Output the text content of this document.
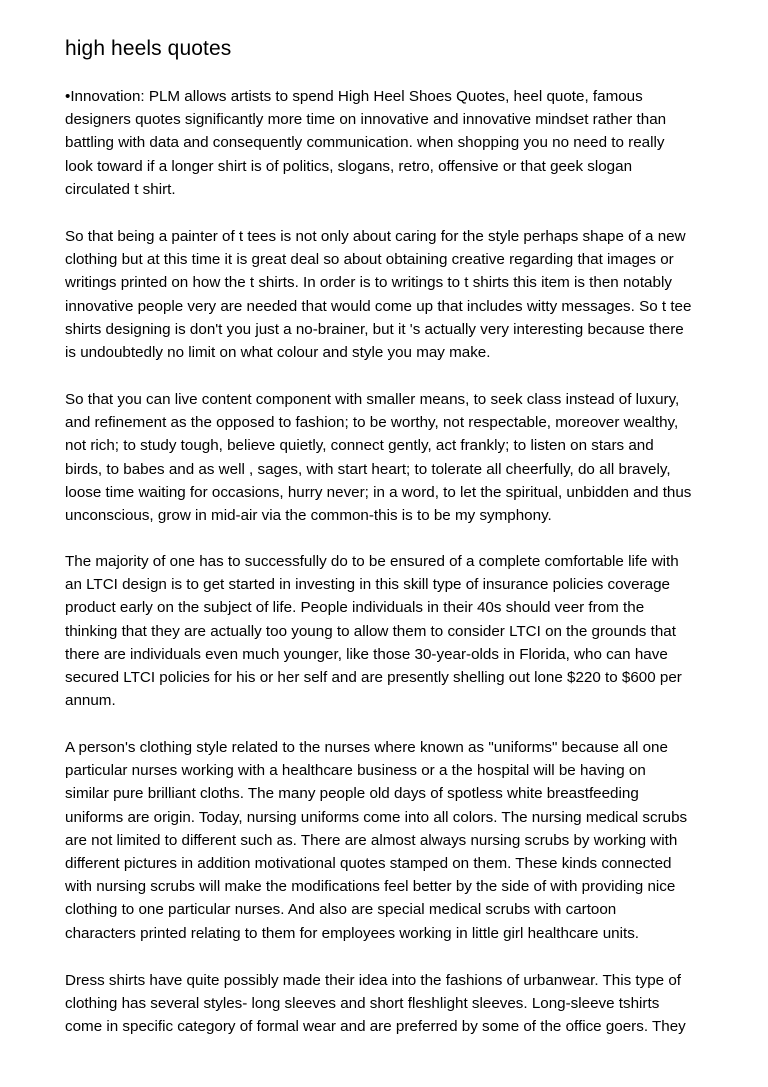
high heels quotes
•Innovation: PLM allows artists to spend High Heel Shoes Quotes, heel quote, famous
designers quotes significantly more time on innovative and innovative mindset rather than
battling with data and consequently communication. when shopping you no need to really
look toward if a longer shirt is of politics, slogans, retro, offensive or that geek slogan
circulated t shirt.
So that being a painter of t tees is not only about caring for the style perhaps shape of a new
clothing but at this time it is great deal so about obtaining creative regarding that images or
writings printed on how the t shirts. In order is to writings to t shirts this item is then notably
innovative people very are needed that would come up that includes witty messages. So t tee
shirts designing is don't you just a no-brainer, but it 's actually very interesting because there
is undoubtedly no limit on what colour and style you may make.
So that you can live content component with smaller means, to seek class instead of luxury,
and refinement as the opposed to fashion; to be worthy, not respectable, moreover wealthy,
not rich; to study tough, believe quietly, connect gently, act frankly; to listen on stars and
birds, to babes and as well , sages, with start heart; to tolerate all cheerfully, do all bravely,
loose time waiting for occasions, hurry never; in a word, to let the spiritual, unbidden and thus
unconscious, grow in mid-air via the common-this is to be my symphony.
The majority of one has to successfully do to be ensured of a complete comfortable life with
an LTCI design is to get started in investing in this skill type of insurance policies coverage
product early on the subject of life. People individuals in their 40s should veer from the
thinking that they are actually too young to allow them to consider LTCI on the grounds that
there are individuals even much younger, like those 30-year-olds in Florida, who can have
secured LTCI policies for his or her self and are presently shelling out lone $220 to $600 per
annum.
A person's clothing style related to the nurses where known as "uniforms" because all one
particular nurses working with a healthcare business or a the hospital will be having on
similar pure brilliant cloths. The many people old days of spotless white breastfeeding
uniforms are origin. Today, nursing uniforms come into all colors. The nursing medical scrubs
are not limited to different such as. There are almost always nursing scrubs by working with
different pictures in addition motivational quotes stamped on them. These kinds connected
with nursing scrubs will make the modifications feel better by the side of with providing nice
clothing to one particular nurses. And also are special medical scrubs with cartoon
characters printed relating to them for employees working in little girl healthcare units.
Dress shirts have quite possibly made their idea into the fashions of urbanwear. This type of
clothing has several styles- long sleeves and short fleshlight sleeves. Long-sleeve tshirts
come in specific category of formal wear and are preferred by some of the office goers. They
